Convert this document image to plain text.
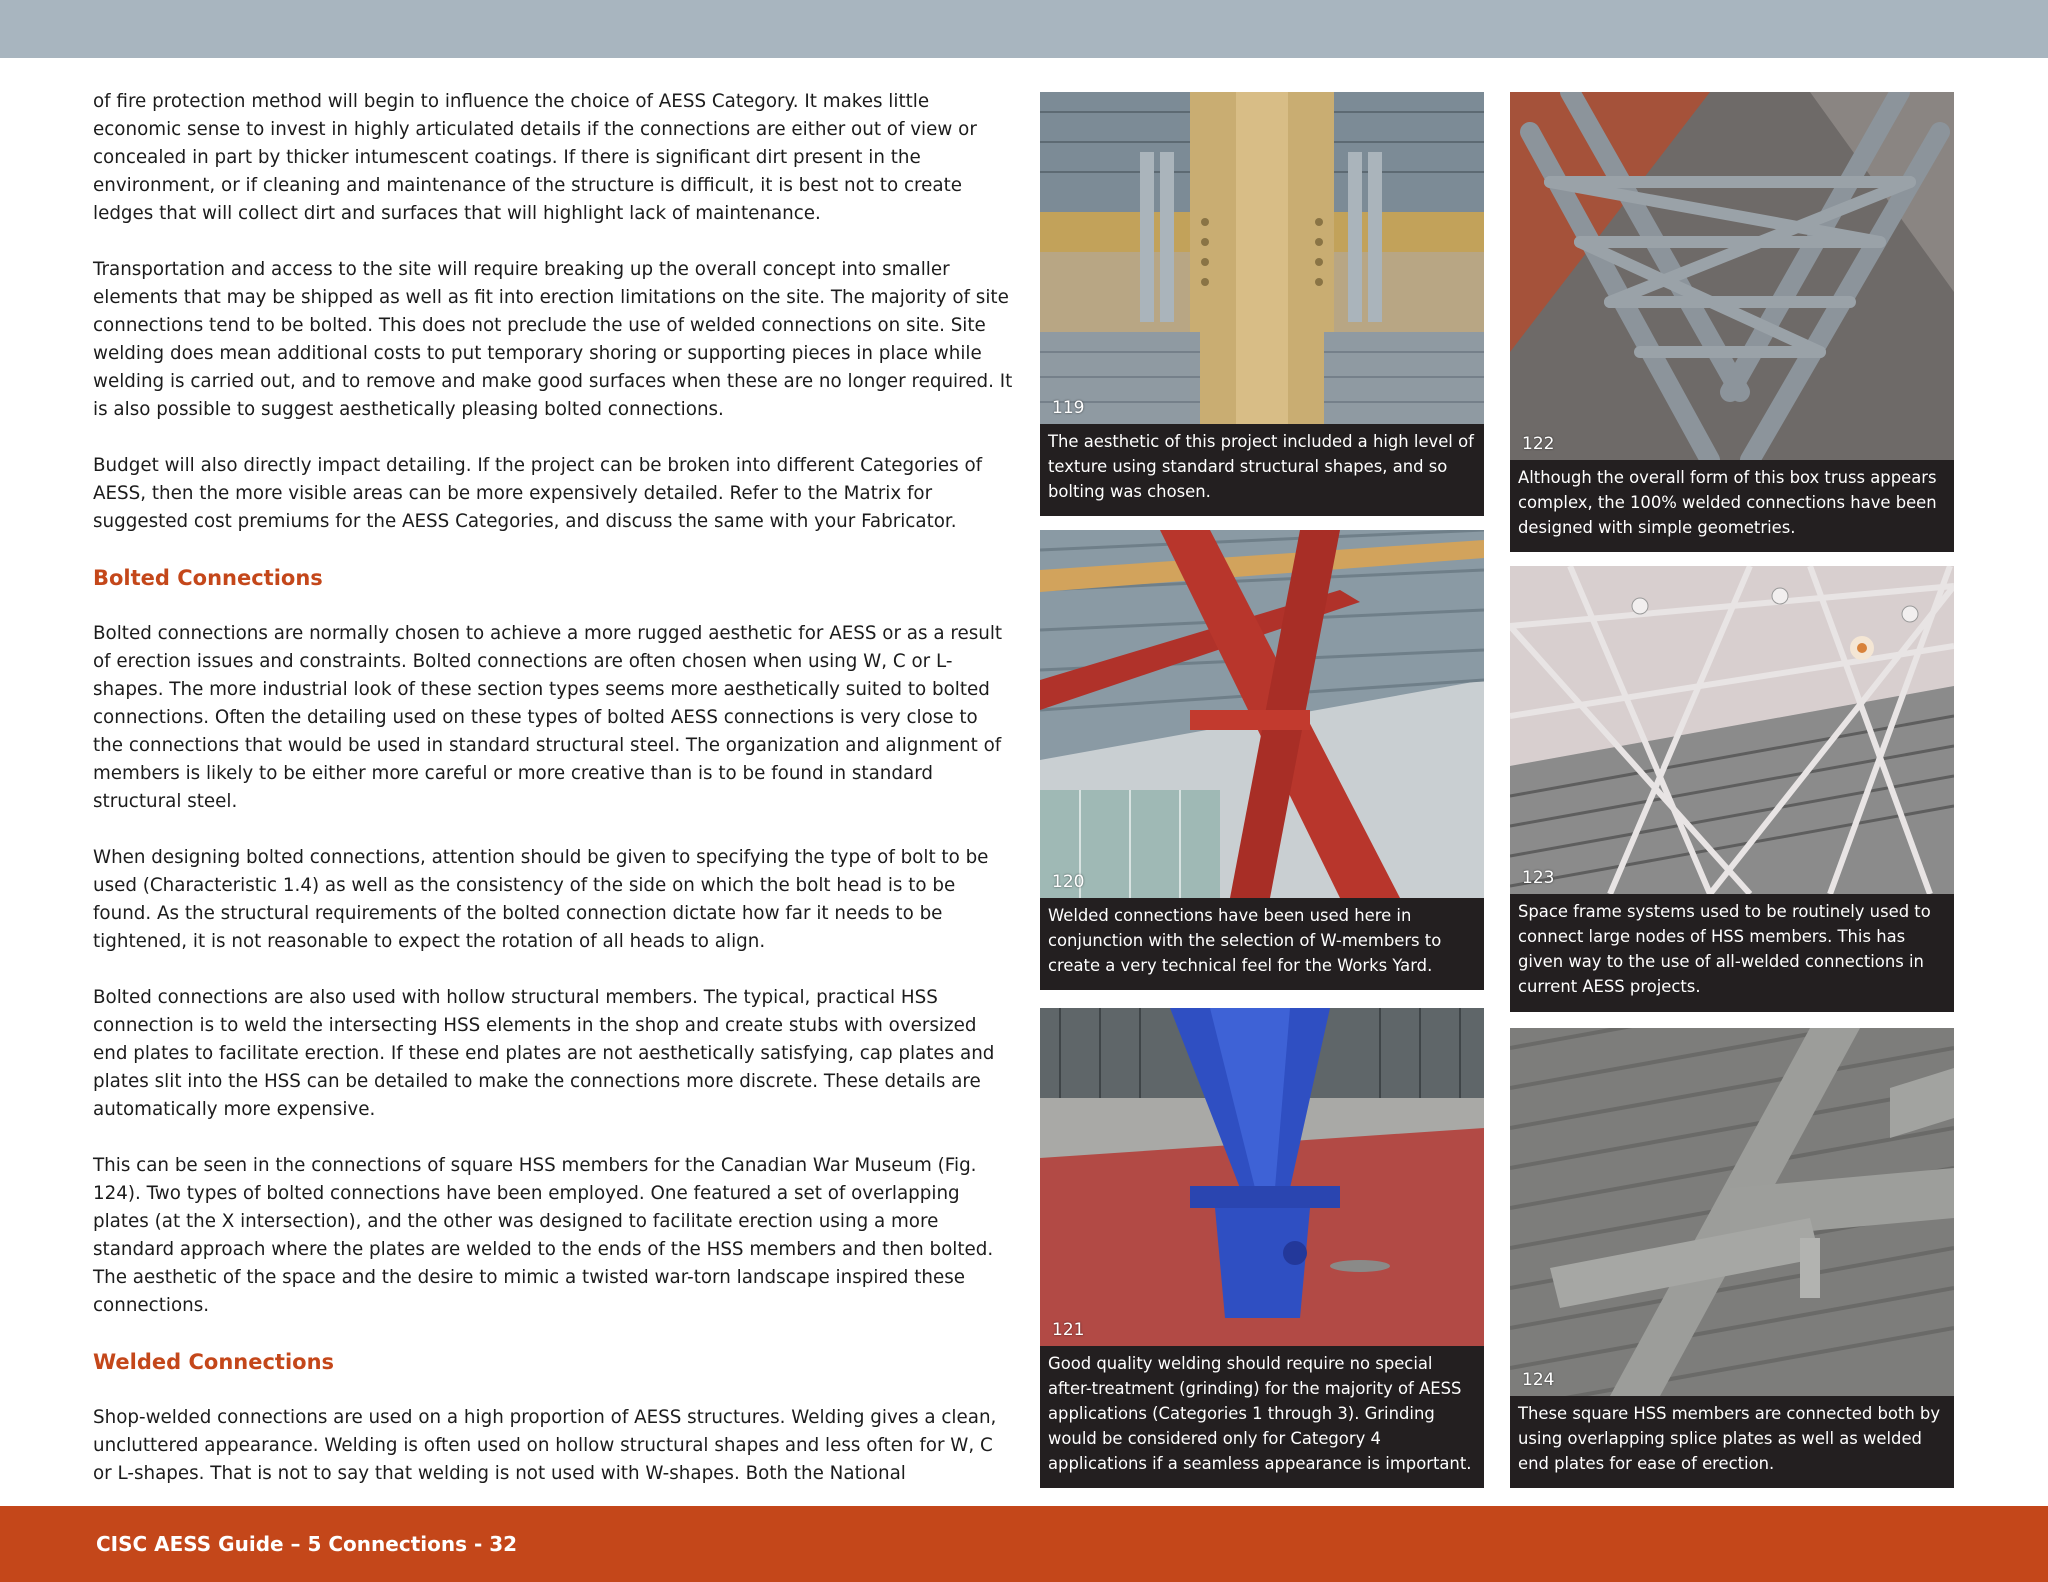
of fire protection method will begin to influence the choice of AESS Category. It makes little economic sense to invest in highly articulated details if the connections are either out of view or concealed in part by thicker intumescent coatings. If there is significant dirt present in the environment, or if cleaning and maintenance of the structure is difficult, it is best not to create ledges that will collect dirt and surfaces that will highlight lack of maintenance.

Transportation and access to the site will require breaking up the overall concept into smaller elements that may be shipped as well as fit into erection limitations on the site. The majority of site connections tend to be bolted. This does not preclude the use of welded connections on site. Site welding does mean additional costs to put temporary shoring or supporting pieces in place while welding is carried out, and to remove and make good surfaces when these are no longer required. It is also possible to suggest aesthetically pleasing bolted connections.

Budget will also directly impact detailing. If the project can be broken into different Categories of AESS, then the more visible areas can be more expensively detailed. Refer to the Matrix for suggested cost premiums for the AESS Categories, and discuss the same with your Fabricator.

Bolted Connections

Bolted connections are normally chosen to achieve a more rugged aesthetic for AESS or as a result of erection issues and constraints. Bolted connections are often chosen when using W, C or L-shapes. The more industrial look of these section types seems more aesthetically suited to bolted connections. Often the detailing used on these types of bolted AESS connections is very close to the connections that would be used in standard structural steel. The organization and alignment of members is likely to be either more careful or more creative than is to be found in standard structural steel.

When designing bolted connections, attention should be given to specifying the type of bolt to be used (Characteristic 1.4) as well as the consistency of the side on which the bolt head is to be found. As the structural requirements of the bolted connection dictate how far it needs to be tightened, it is not reasonable to expect the rotation of all heads to align.

Bolted connections are also used with hollow structural members. The typical, practical HSS connection is to weld the intersecting HSS elements in the shop and create stubs with oversized end plates to facilitate erection. If these end plates are not aesthetically satisfying, cap plates and plates slit into the HSS can be detailed to make the connections more discrete. These details are automatically more expensive.

This can be seen in the connections of square HSS members for the Canadian War Museum (Fig. 124). Two types of bolted connections have been employed. One featured a set of overlapping plates (at the X intersection), and the other was designed to facilitate erection using a more standard approach where the plates are welded to the ends of the HSS members and then bolted. The aesthetic of the space and the desire to mimic a twisted war-torn landscape inspired these connections.

Welded Connections

Shop-welded connections are used on a high proportion of AESS structures. Welding gives a clean, uncluttered appearance. Welding is often used on hollow structural shapes and less often for W, C or L-shapes. That is not to say that welding is not used with W-shapes. Both the National

119
The aesthetic of this project included a high level of texture using standard structural shapes, and so bolting was chosen.
120
Welded connections have been used here in conjunction with the selection of W-members to create a very technical feel for the Works Yard.
121
Good quality welding should require no special after-treatment (grinding) for the majority of AESS applications (Categories 1 through 3). Grinding would be considered only for Category 4 applications if a seamless appearance is important.
122
Although the overall form of this box truss appears complex, the 100% welded connections have been designed with simple geometries.
123
Space frame systems used to be routinely used to connect large nodes of HSS members. This has given way to the use of all-welded connections in current AESS projects.
124
These square HSS members are connected both by using overlapping splice plates as well as welded end plates for ease of erection.
CISC AESS Guide – 5 Connections - 32
